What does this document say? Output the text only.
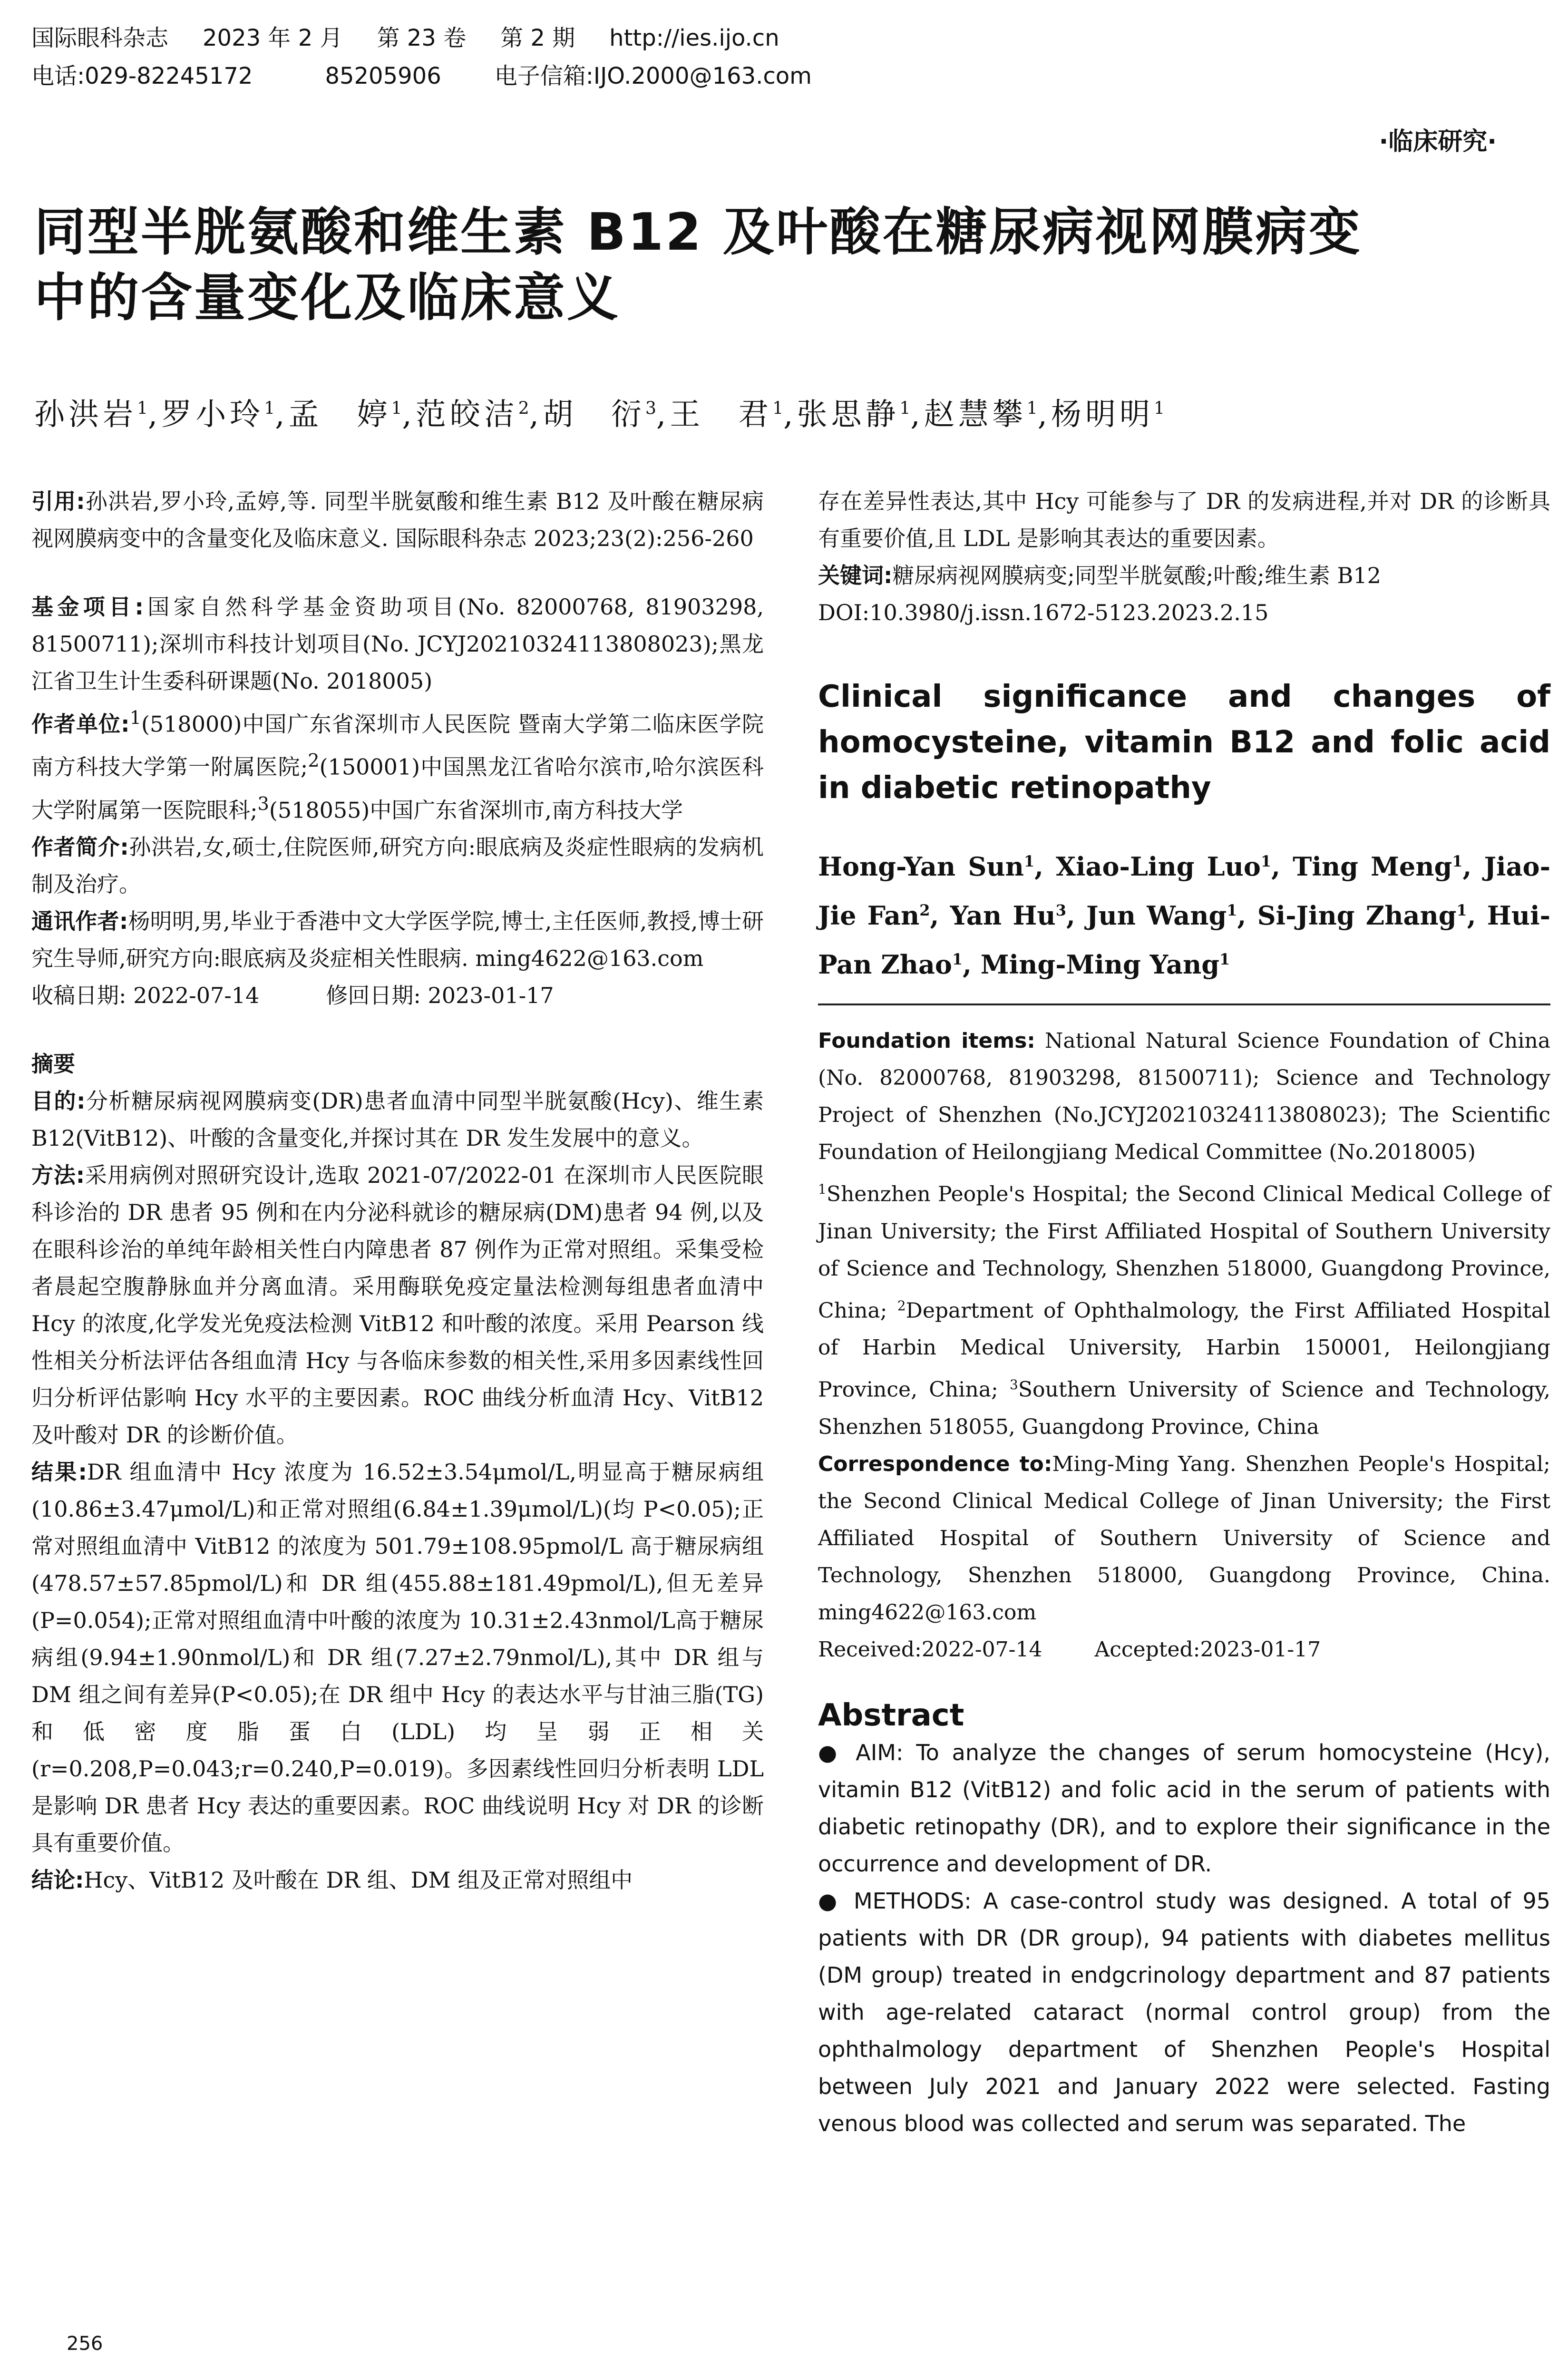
国际眼科杂志 2023 年 2 月 第 23 卷 第 2 期 http://ies.ijo.cn
电话:029-82245172	85205906 电子信箱:IJO.2000@163.com
·临床研究·
同型半胱氨酸和维生素 B12 及叶酸在糖尿病视网膜病变
中的含量变化及临床意义
孙洪岩$^1$,罗小玲$^1$,孟　婷$^1$,范皎洁$^2$,胡　衍$^3$,王　君$^1$,张思静$^1$,赵慧攀$^1$,杨明明$^1$

引用:孙洪岩,罗小玲,孟婷,等. 同型半胱氨酸和维生素 B12 及叶酸在糖尿病视网膜病变中的含量变化及临床意义. 国际眼科杂志 2023;23(2):256-260

基金项目:国家自然科学基金资助项目(No. 82000768, 81903298, 81500711);深圳市科技计划项目(No. JCYJ20210324113808023);黑龙江省卫生计生委科研课题(No. 2018005)

作者单位:$^1$(518000)中国广东省深圳市人民医院 暨南大学第二临床医学院 南方科技大学第一附属医院;$^2$(150001)中国黑龙江省哈尔滨市,哈尔滨医科大学附属第一医院眼科;$^3$(518055)中国广东省深圳市,南方科技大学

作者简介:孙洪岩,女,硕士,住院医师,研究方向:眼底病及炎症性眼病的发病机制及治疗。

通讯作者:杨明明,男,毕业于香港中文大学医学院,博士,主任医师,教授,博士研究生导师,研究方向:眼底病及炎症相关性眼病. ming4622@163.com

收稿日期: 2022-07-14	修回日期: 2023-01-17

摘要

目的:分析糖尿病视网膜病变(DR)患者血清中同型半胱氨酸(Hcy)、维生素 B12(VitB12)、叶酸的含量变化,并探讨其在 DR 发生发展中的意义。

方法:采用病例对照研究设计,选取 2021-07/2022-01 在深圳市人民医院眼科诊治的 DR 患者 95 例和在内分泌科就诊的糖尿病(DM)患者 94 例,以及在眼科诊治的单纯年龄相关性白内障患者 87 例作为正常对照组。采集受检者晨起空腹静脉血并分离血清。采用酶联免疫定量法检测每组患者血清中 Hcy 的浓度,化学发光免疫法检测 VitB12 和叶酸的浓度。采用 Pearson 线性相关分析法评估各组血清 Hcy 与各临床参数的相关性,采用多因素线性回归分析评估影响 Hcy 水平的主要因素。ROC 曲线分析血清 Hcy、VitB12 及叶酸对 DR 的诊断价值。

结果:DR 组血清中 Hcy 浓度为 16.52±3.54μmol/L,明显高于糖尿病组(10.86±3.47μmol/L)和正常对照组(6.84±1.39μmol/L)(均 P<0.05);正常对照组血清中 VitB12 的浓度为 501.79±108.95pmol/L 高于糖尿病组(478.57±57.85pmol/L)和 DR 组(455.88±181.49pmol/L),但无差异(P=0.054);正常对照组血清中叶酸的浓度为 10.31±2.43nmol/L高于糖尿病组(9.94±1.90nmol/L)和 DR 组(7.27±2.79nmol/L),其中 DR 组与 DM 组之间有差异(P<0.05);在 DR 组中 Hcy 的表达水平与甘油三脂(TG)和低密度脂蛋白(LDL)均呈弱正相关(r=0.208,P=0.043;r=0.240,P=0.019)。多因素线性回归分析表明 LDL 是影响 DR 患者 Hcy 表达的重要因素。ROC 曲线说明 Hcy 对 DR 的诊断具有重要价值。

结论:Hcy、VitB12 及叶酸在 DR 组、DM 组及正常对照组中

存在差异性表达,其中 Hcy 可能参与了 DR 的发病进程,并对 DR 的诊断具有重要价值,且 LDL 是影响其表达的重要因素。

关键词:糖尿病视网膜病变;同型半胱氨酸;叶酸;维生素 B12

DOI:10.3980/j.issn.1672-5123.2023.2.15

Clinical significance and changes of homocysteine, vitamin B12 and folic acid in diabetic retinopathy
Hong-Yan Sun$^1$, Xiao-Ling Luo$^1$, Ting Meng$^1$, Jiao-Jie Fan$^2$, Yan Hu$^3$, Jun Wang$^1$, Si-Jing Zhang$^1$, Hui-Pan Zhao$^1$, Ming-Ming Yang$^1$

Foundation items: National Natural Science Foundation of China (No. 82000768, 81903298, 81500711); Science and Technology Project of Shenzhen (No.JCYJ20210324113808023); The Scientific Foundation of Heilongjiang Medical Committee (No.2018005)

$^1$Shenzhen People's Hospital; the Second Clinical Medical College of Jinan University; the First Affiliated Hospital of Southern University of Science and Technology, Shenzhen 518000, Guangdong Province, China; $^2$Department of Ophthalmology, the First Affiliated Hospital of Harbin Medical University, Harbin 150001, Heilongjiang Province, China; $^3$Southern University of Science and Technology, Shenzhen 518055, Guangdong Province, China

Correspondence to:Ming-Ming Yang. Shenzhen People's Hospital; the Second Clinical Medical College of Jinan University; the First Affiliated Hospital of Southern University of Science and Technology, Shenzhen 518000, Guangdong Province, China. ming4622@163.com

Received:2022-07-14	Accepted:2023-01-17

Abstract

● AIM: To analyze the changes of serum homocysteine (Hcy), vitamin B12 (VitB12) and folic acid in the serum of patients with diabetic retinopathy (DR), and to explore their significance in the occurrence and development of DR.

● METHODS: A case-control study was designed. A total of 95 patients with DR (DR group), 94 patients with diabetes mellitus (DM group) treated in endgcrinology department and 87 patients with age-related cataract (normal control group) from the ophthalmology department of Shenzhen People's Hospital between July 2021 and January 2022 were selected. Fasting venous blood was collected and serum was separated. The

256
